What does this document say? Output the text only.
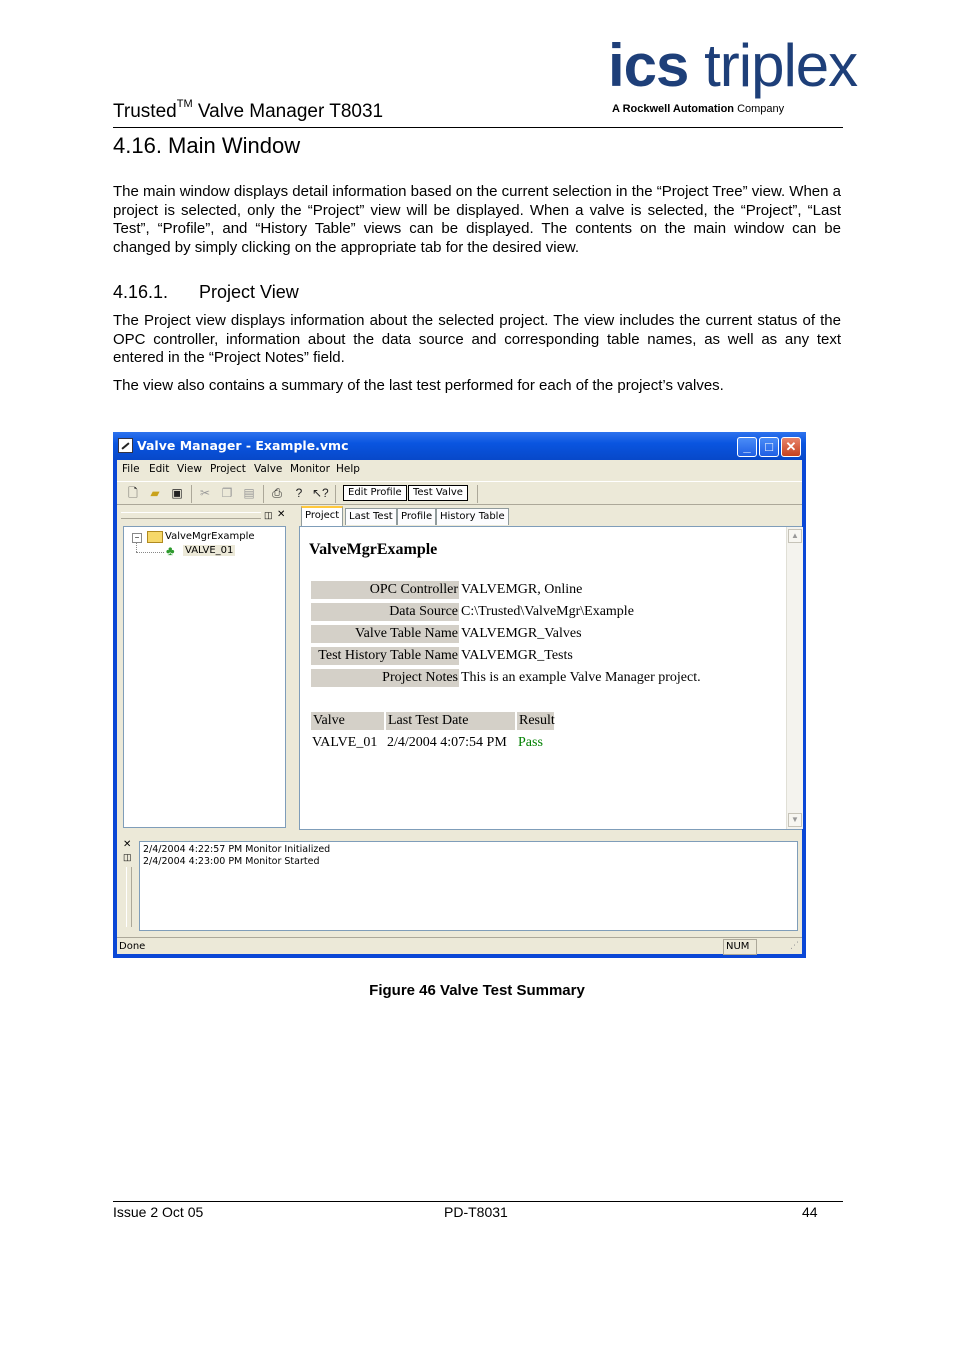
Trusted™ Valve Manager T8031
ics triplex
A Rockwell Automation Company
4.16. Main Window
The main window displays detail information based on the current selection in the “Project Tree” view. When a project is selected, only the “Project” view will be displayed. When a valve is selected, the “Project”, “Last Test”, “Profile”, and “History Table” views can be displayed. The contents on the main window can be changed by simply clicking on the appropriate tab for the desired view.
4.16.1. Project View
The Project view displays information about the selected project. The view includes the current status of the OPC controller, information about the data source and corresponding table names, as well as any text entered in the “Project Notes” field.
The view also contains a summary of the last test performed for each of the project’s valves.
Valve Manager - Example.vmc	_	□ ✕
File Edit View Project Valve Monitor Help
🗋 ▰ ▣ ✂ ❐ ▤ ⎙	? ↖?	Edit Profile	Test Valve
◫ ✕
−	ValveMgrExample
♣	VALVE_01
Project Last Test Profile History Table
ValveMgrExample
OPC Controller VALVEMGR, Online
Data Source C:\Trusted\ValveMgr\Example
Valve Table Name VALVEMGR_Valves
Test History Table Name VALVEMGR_Tests
Project Notes This is an example Valve Manager project.
Valve	Last Test Date	Result
VALVE_01 2/4/2004 4:07:54 PM Pass
▲
▼
✕
◫
2/4/2004 4:22:57 PM Monitor Initialized
2/4/2004 4:23:00 PM Monitor Started
Done	NUM	⋰
Figure 46 Valve Test Summary
Issue 2 Oct 05	PD-T8031	44
